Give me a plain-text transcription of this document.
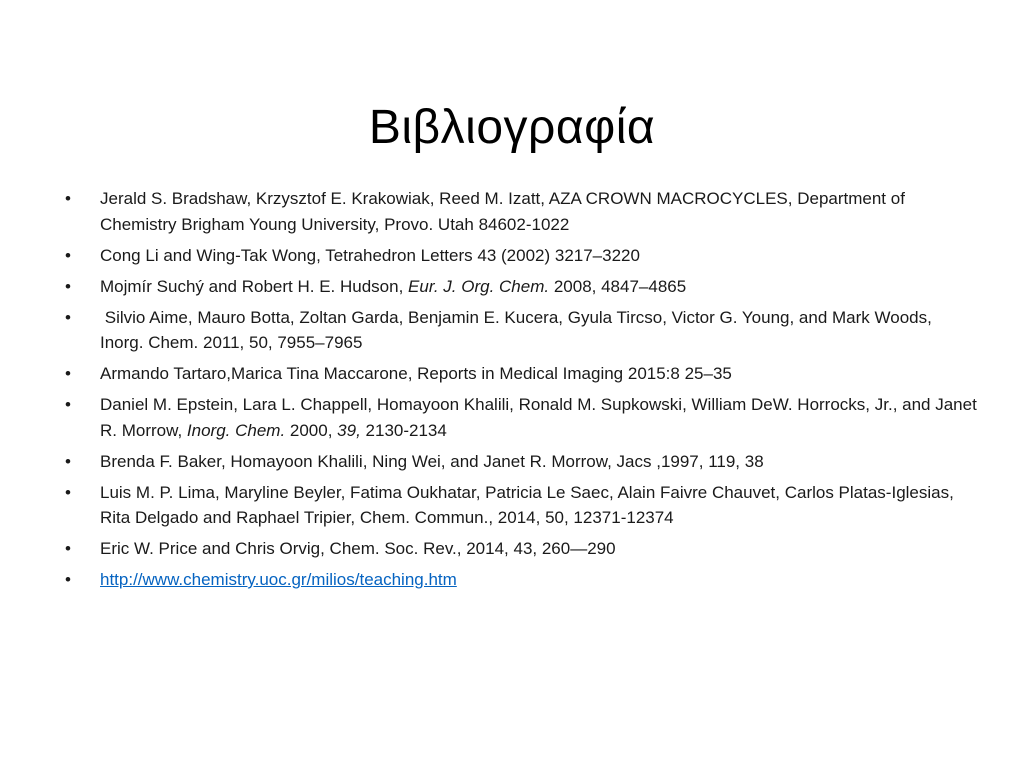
Βιβλιογραφία
•	Jerald S. Bradshaw, Krzysztof E. Krakowiak, Reed M. Izatt, AZA CROWN MACROCYCLES, Department of Chemistry Brigham Young University, Provo. Utah 84602-1022
•	Cong Li and Wing-Tak Wong, Tetrahedron Letters 43 (2002) 3217–3220
•	Mojmír Suchý and Robert H. E. Hudson, Eur. J. Org. Chem. 2008, 4847–4865
•	Silvio Aime, Mauro Botta, Zoltan Garda, Benjamin E. Kucera, Gyula Tircso, Victor G. Young, and Mark Woods, Inorg. Chem. 2011, 50, 7955–7965
•	Armando Tartaro,Marica Tina Maccarone, Reports in Medical Imaging 2015:8 25–35
•	Daniel M. Epstein, Lara L. Chappell, Homayoon Khalili, Ronald M. Supkowski, William DeW. Horrocks, Jr., and Janet R. Morrow, Inorg. Chem. 2000, 39, 2130-2134
•	Brenda F. Baker, Homayoon Khalili, Ning Wei, and Janet R. Morrow, Jacs ,1997, 119, 38
•	Luis M. P. Lima, Maryline Beyler, Fatima Oukhatar, Patricia Le Saec, Alain Faivre Chauvet, Carlos Platas-Iglesias, Rita Delgado and Raphael Tripier, Chem. Commun., 2014, 50, 12371-12374
•	Eric W. Price and Chris Orvig, Chem. Soc. Rev., 2014, 43, 260—290
•	http://www.chemistry.uoc.gr/milios/teaching.htm
